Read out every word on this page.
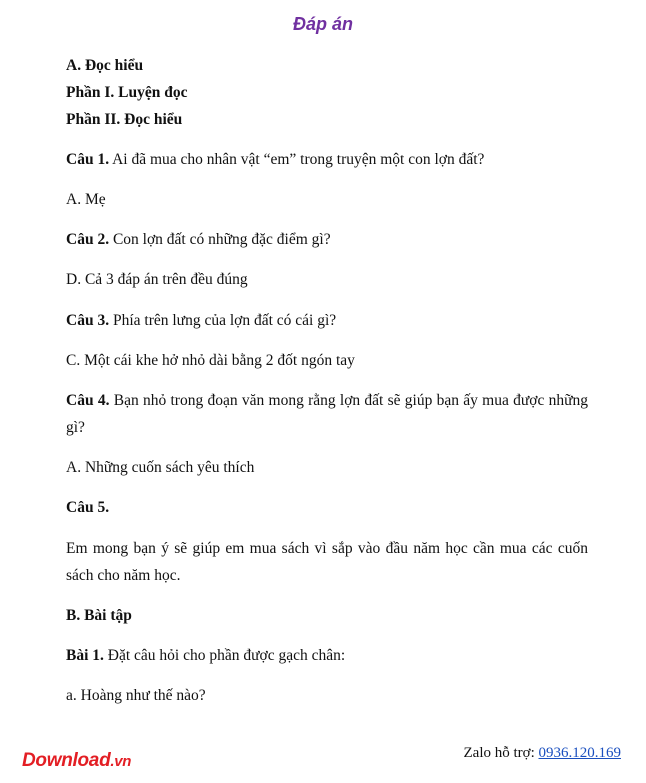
Đáp án
A. Đọc hiểu
Phần I. Luyện đọc
Phần II. Đọc hiểu
Câu 1. Ai đã mua cho nhân vật “em” trong truyện một con lợn đất?
A. Mẹ
Câu 2. Con lợn đất có những đặc điểm gì?
D. Cả 3 đáp án trên đều đúng
Câu 3. Phía trên lưng của lợn đất có cái gì?
C. Một cái khe hở nhỏ dài bằng 2 đốt ngón tay
Câu 4. Bạn nhỏ trong đoạn văn mong rằng lợn đất sẽ giúp bạn ấy mua được những
gì?
A. Những cuốn sách yêu thích
Câu 5.
Em mong bạn ý sẽ giúp em mua sách vì sắp vào đầu năm học cần mua các cuốn
sách cho năm học.
B. Bài tập
Bài 1. Đặt câu hỏi cho phần được gạch chân:
a. Hoàng như thế nào?
Download.vn	Zalo hỗ trợ: 0936.120.169
